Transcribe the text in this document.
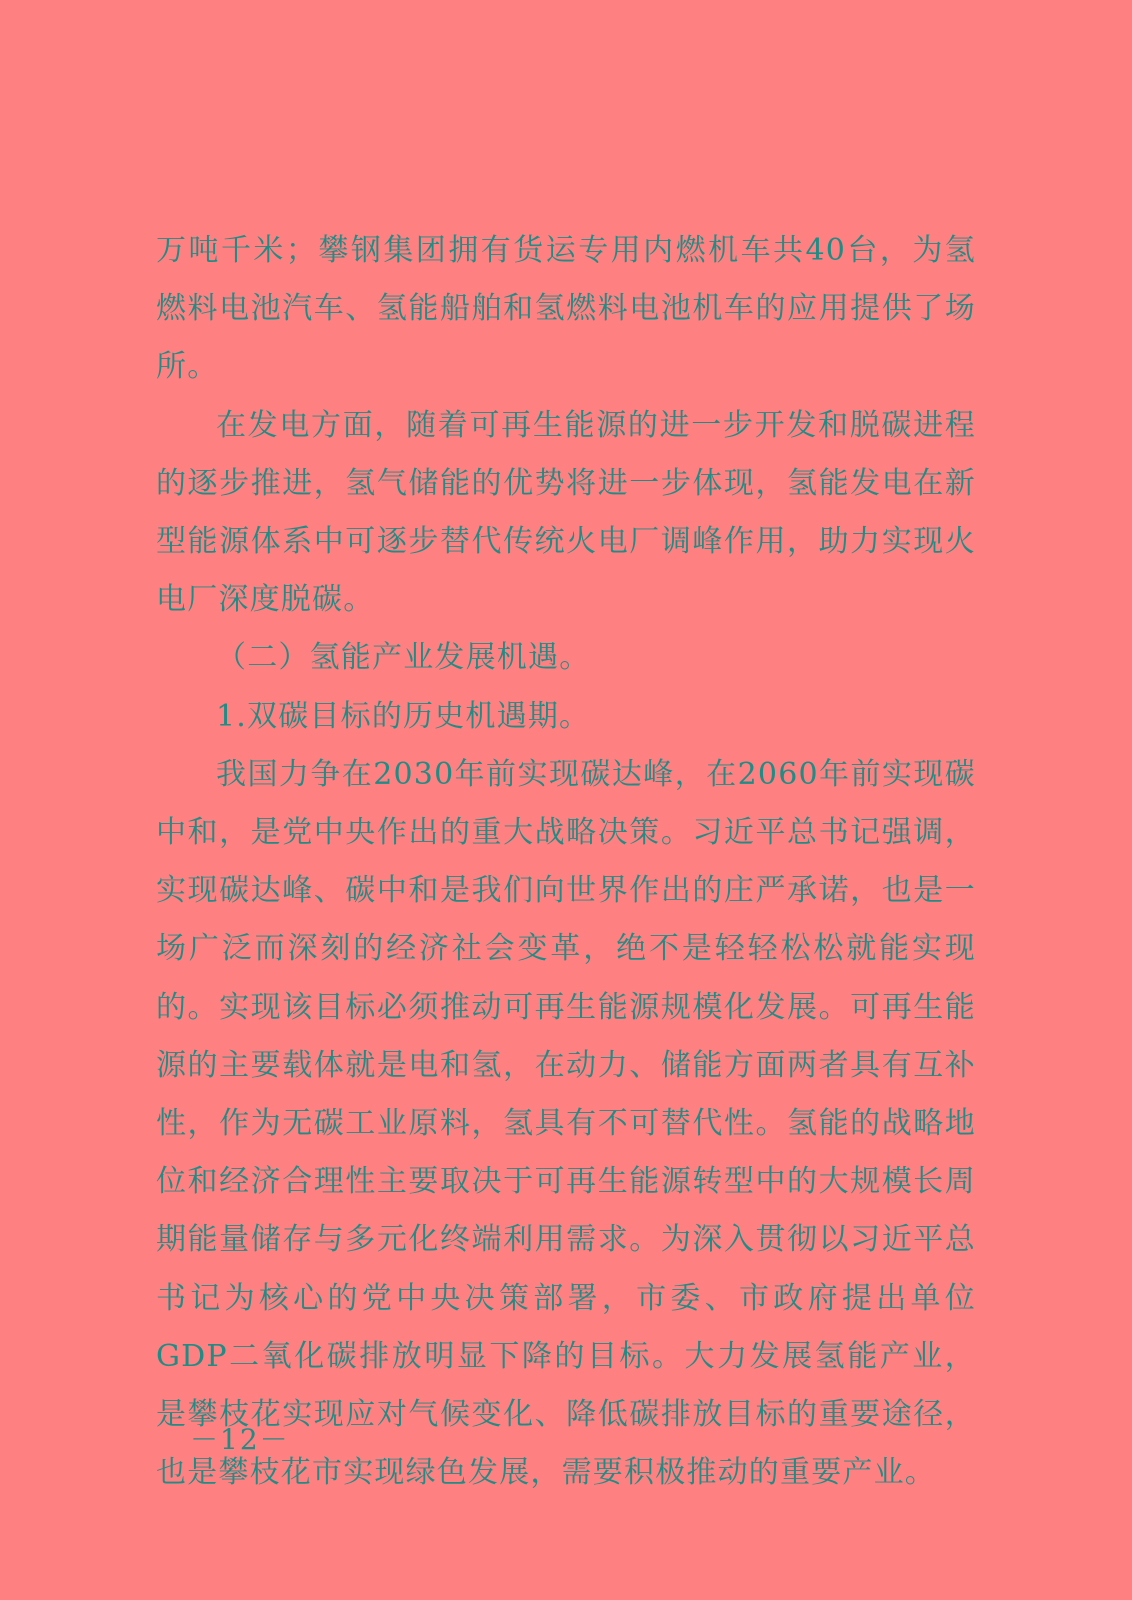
万吨千米；攀钢集团拥有货运专用内燃机车共40台，为氢燃料电池汽车、氢能船舶和氢燃料电池机车的应用提供了场所。

在发电方面，随着可再生能源的进一步开发和脱碳进程的逐步推进，氢气储能的优势将进一步体现，氢能发电在新型能源体系中可逐步替代传统火电厂调峰作用，助力实现火电厂深度脱碳。

（二）氢能产业发展机遇。

1.双碳目标的历史机遇期。

我国力争在2030年前实现碳达峰，在2060年前实现碳中和，是党中央作出的重大战略决策。习近平总书记强调，实现碳达峰、碳中和是我们向世界作出的庄严承诺，也是一场广泛而深刻的经济社会变革，绝不是轻轻松松就能实现的。实现该目标必须推动可再生能源规模化发展。可再生能源的主要载体就是电和氢，在动力、储能方面两者具有互补性，作为无碳工业原料，氢具有不可替代性。氢能的战略地位和经济合理性主要取决于可再生能源转型中的大规模长周期能量储存与多元化终端利用需求。为深入贯彻以习近平总书记为核心的党中央决策部署，市委、市政府提出单位GDP二氧化碳排放明显下降的目标。大力发展氢能产业，是攀枝花实现应对气候变化、降低碳排放目标的重要途径，也是攀枝花市实现绿色发展，需要积极推动的重要产业。

－12－
